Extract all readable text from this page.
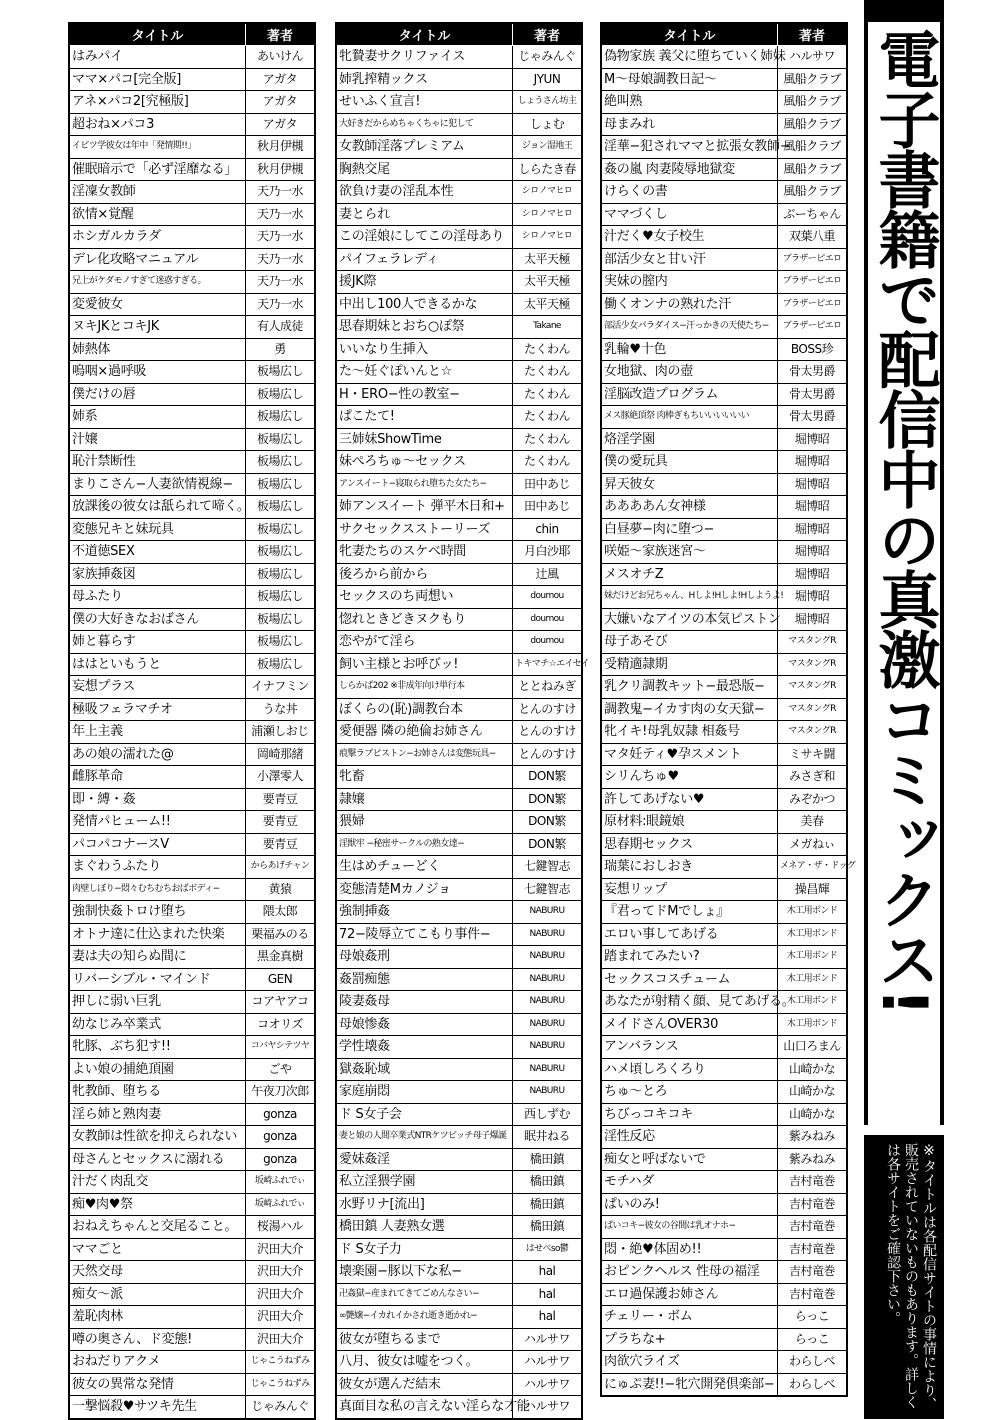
タイトル	著者
はみパイ	あいけん
ママ×パコ[完全版]	アガタ
アネ×パコ2[究極版]	アガタ
超おね×パコ3	アガタ
イビツ学彼女は年中「発情期!!」	秋月伊槻
催眠暗示で「必ず淫靡なる」	秋月伊槻
淫凜女教師	天乃一水
欲情×覚醒	天乃一水
ホシガルカラダ	天乃一水
デレ化攻略マニュアル	天乃一水
兄上がケダモノすぎて迷惑すぎる。	天乃一水
変愛彼女	天乃一水
ヌキJKとコキJK	有人成徒
姉熱体	勇
嗚咽×過呼吸	板場広し
僕だけの唇	板場広し
姉系	板場広し
汁嬢	板場広し
恥汁禁断性	板場広し
まりこさん−人妻欲情視線−	板場広し
放課後の彼女は舐られて啼く。	板場広し
変態兄キと妹玩具	板場広し
不道徳SEX	板場広し
家族挿姦図	板場広し
母ふたり	板場広し
僕の大好きなおばさん	板場広し
姉と暮らす	板場広し
ははといもうと	板場広し
妄想プラス	イナフミン
極吸フェラマチオ	うな丼
年上主義	浦瀬しおじ
あの娘の濡れた@	岡崎那緒
雌豚革命	小澤零人
即・縛・姦	要青豆
発情パヒューム!!	要青豆
パコパコナースV	要青豆
まぐわうふたり	からあげチャン
肉壁しぼり−悶々むちむちおばボディ−	黄猿
強制快姦トロけ堕ち	隈太郎
オトナ達に仕込まれた快楽	栗福みのる
妻は夫の知らぬ間に	黒金真樹
リバーシブル・マインド	GEN
押しに弱い巨乳	コアヤアコ
幼なじみ卒業式	コオリズ
牝豚、ぶち犯す!!	コバヤシテツヤ
よい娘の捕絶頂園	ごや
牝教師、堕ちる	午夜刀次郎
淫ら姉と熟肉妻	gonza
女教師は性欲を抑えられない	gonza
母さんとセックスに溺れる	gonza
汁だく肉乱交	坂崎ふれでぃ
痴♥肉♥祭	坂崎ふれでぃ
おねえちゃんと交尾ること。	桜湯ハル
ママごと	沢田大介
天然交母	沢田大介
痴女〜派	沢田大介
羞恥肉林	沢田大介
噂の奥さん、ド変態!	沢田大介
おねだりアクメ	じゃこうねずみ
彼女の異常な発情	じゃこうねずみ
一撃悩殺♥サツキ先生	じゃみんぐ
タイトル	著者
牝贄妻サクリファイス	じゃみんぐ
姉乳搾精ックス	JYUN
せいふく宣言!	しょうさん坊主
大好きだからめちゃくちゃに犯して	しょむ
女教師淫落プレミアム	ジョン湿地王
胸熱交尾	しらたき春
欲負け妻の淫乱本性	シロノマヒロ
妻とられ	シロノマヒロ
この淫娘にしてこの淫母あり	シロノマヒロ
パイフェラレディ	太平天極
援JK際	太平天極
中出し100人できるかな	太平天極
思春期妹とおち○ぽ祭	Takane
いいなり生挿入	たくわん
た〜妊ぐぽいんと☆	たくわん
H・ERO−性の教室−	たくわん
ぱこたて!	たくわん
三姉妹ShowTime	たくわん
妹ぺろちゅ〜セックス	たくわん
アンスイート−寝取られ堕ちた女たち−	田中あじ
姉アンスイート 弾平木日和+	田中あじ
サクセックスストーリーズ	chin
牝妻たちのスケベ時間	月白沙耶
後ろから前から	辻風
セックスのち両想い	doumou
惚れときどきヌクもり	doumou
恋やがて淫ら	doumou
飼い主様とお呼びッ!	トキマチ☆エイセイ
しらかば202 ※非成年向け単行本	ととねみぎ
ぼくらの(恥)調教台本	とんのすけ
愛便器 隣の絶倫お姉さん	とんのすけ
痕撃ラブピストン−お姉さんは変態玩具−	とんのすけ
牝畜	DON繁
隷嬢	DON繁
猥婦	DON繁
淫獣牢 −秘密サークルの熟女達−	DON繁
生はめチューどく	七鍵智志
変態清楚Mカノジョ	七鍵智志
強制挿姦	NABURU
72−陵辱立てこもり事件−	NABURU
母娘姦刑	NABURU
姦罰痴態	NABURU
陵妻姦母	NABURU
母娘惨姦	NABURU
学性壊姦	NABURU
獄姦恥域	NABURU
家庭崩悶	NABURU
ド S女子会	西しずむ
妻と娘の人間卒業式NTRケツビッチ母子爆誕	眠井ねる
愛妹姦淫	橋田鎮
私立淫猥学園	橋田鎮
水野リナ[流出]	橋田鎮
橋田鎮 人妻熟女選	橋田鎮
ド S女子力	はせべso鬱
壊楽園−豚以下な私−	hal
卍姦獄−産まれてきてごめんなさい−	hal
∞艶嬢−イカれイかされ逝き逝かれ−	hal
彼女が堕ちるまで	ハルサワ
八月、彼女は嘘をつく。	ハルサワ
彼女が選んだ結末	ハルサワ
真面目な私の言えない淫らな才能	ハルサワ
タイトル	著者
偽物家族 義父に堕ちていく姉妹	ハルサワ
M〜母娘調教日記〜	風船クラブ
絶叫熟	風船クラブ
母まみれ	風船クラブ
淫華−犯されママと拡張女教師−	風船クラブ
姦の嵐 肉妻陵辱地獄変	風船クラブ
けらくの書	風船クラブ
ママづくし	ぶーちゃん
汁だく♥女子校生	双葉八重
部活少女と甘い汗	ブラザーピエロ
実妹の膣内	ブラザーピエロ
働くオンナの熟れた汗	ブラザーピエロ
部活少女パラダイス−汗っかきの天使たち−	ブラザーピエロ
乳輪♥十色	BOSS珍
女地獄、肉の壺	骨太男爵
淫脳改造プログラム	骨太男爵
メス豚絶頂祭 肉棒ぎもちいいいいいい	骨太男爵
烙淫学園	堀博昭
僕の愛玩具	堀博昭
昇天彼女	堀博昭
ああああん女神様	堀博昭
白昼夢−肉に堕つ−	堀博昭
咲姫〜家族迷宮〜	堀博昭
メスオチZ	堀博昭
妹だけどお兄ちゃん、Hしよ!Hしよ!Hしようよ!	堀博昭
大嫌いなアイツの本気ピストン	堀博昭
母子あそび	マスタングR
受精適隷期	マスタングR
乳クリ調教キット−最恐版−	マスタングR
調教鬼−イカす肉の女天獄−	マスタングR
牝イキ!母乳奴隷 相姦号	マスタングR
マタ妊ティ♥孕スメント	ミサキ闘
シリんちゅ♥	みさぎ和
許してあげない♥	みぞかつ
原材料:眼鏡娘	美春
思春期セックス	メガねぃ
瑞葉におしおき	メネア・ザ・ドッグ
妄想リップ	操昌輝
『君ってドMでしょ』	木工用ボンド
エロい事してあげる	木工用ボンド
踏まれてみたい?	木工用ボンド
セックスコスチューム	木工用ボンド
あなたが射精く顔、見てあげる。	木工用ボンド
メイドさんOVER30	木工用ボンド
アンバランス	山口ろまん
ハメ頃しろくろり	山崎かな
ちゅ〜とろ	山崎かな
ちびっコキコキ	山崎かな
淫性反応	紫みねみ
痴女と呼ばないで	紫みねみ
モチハダ	吉村竜巻
ぱいのみ!	吉村竜巻
ぱいコキ−彼女の谷間は乳オナホ−	吉村竜巻
悶・絶♥体固め!!	吉村竜巻
おピンクヘルス 性母の福淫	吉村竜巻
エロ過保護お姉さん	吉村竜巻
チェリー・ボム	らっこ
プラちな+	らっこ
肉欲穴ライズ	わらしべ
にゅぷ妻!!−牝穴開発倶楽部−	わらしべ
電子書籍で配信中の真激コミックス!
※タイトルは各配信サイトの事情により、販売されていないものもあります。詳しくは各サイトをご確認下さい。
